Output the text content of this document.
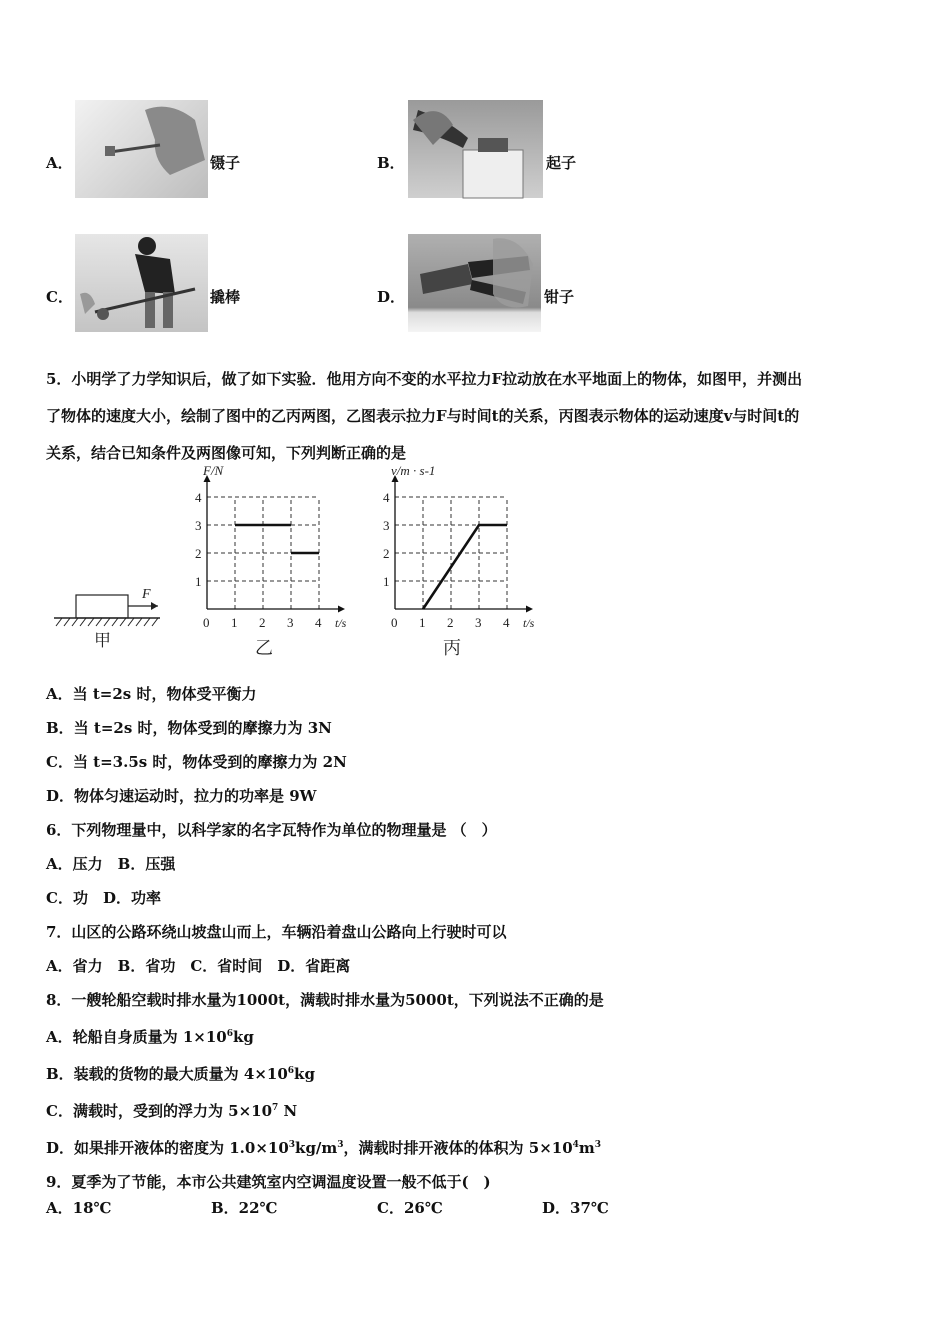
A．	镊子	B．	起子
C．	撬棒	D．	钳子
5．小明学了力学知识后，做了如下实验．他用方向不变的水平拉力F拉动放在水平地面上的物体，如图甲，并测出
了物体的速度大小，绘制了图中的乙丙两图，乙图表示拉力F与时间t的关系，丙图表示物体的运动速度v与时间t的
关系，结合已知条件及两图像可知，下列判断正确的是
F
甲
0 1 2 3 4
1
2
3
4
t/s
F/N
乙
0 1 2 3 4
1
2
3
4
t/s
v/m · s-1
丙
A．当 t=2s 时，物体受平衡力
B．当 t=2s 时，物体受到的摩擦力为 3N
C．当 t=3.5s 时，物体受到的摩擦力为 2N
D．物体匀速运动时，拉力的功率是 9W
6．下列物理量中，以科学家的名字瓦特作为单位的物理量是 （　）
A．压力　B．压强
C．功　D．功率
7．山区的公路环绕山坡盘山而上，车辆沿着盘山公路向上行驶时可以
A．省力　B．省功　C．省时间　D．省距离
8．一艘轮船空载时排水量为1000t，满载时排水量为5000t，下列说法不正确的是
A．轮船自身质量为 $1\times 10^6kg$
B．装载的货物的最大质量为 $4\times 10^6kg$
C．满载时，受到的浮力为 $5\times 10^7$ N
D．如果排开液体的密度为 $1.0\times 10^3kg/m^3$，满载时排开液体的体积为 $5\times 10^4m^3$
9．夏季为了节能，本市公共建筑室内空调温度设置一般不低于(　)
A．18℃	B．22℃	C．26℃	D．37℃
